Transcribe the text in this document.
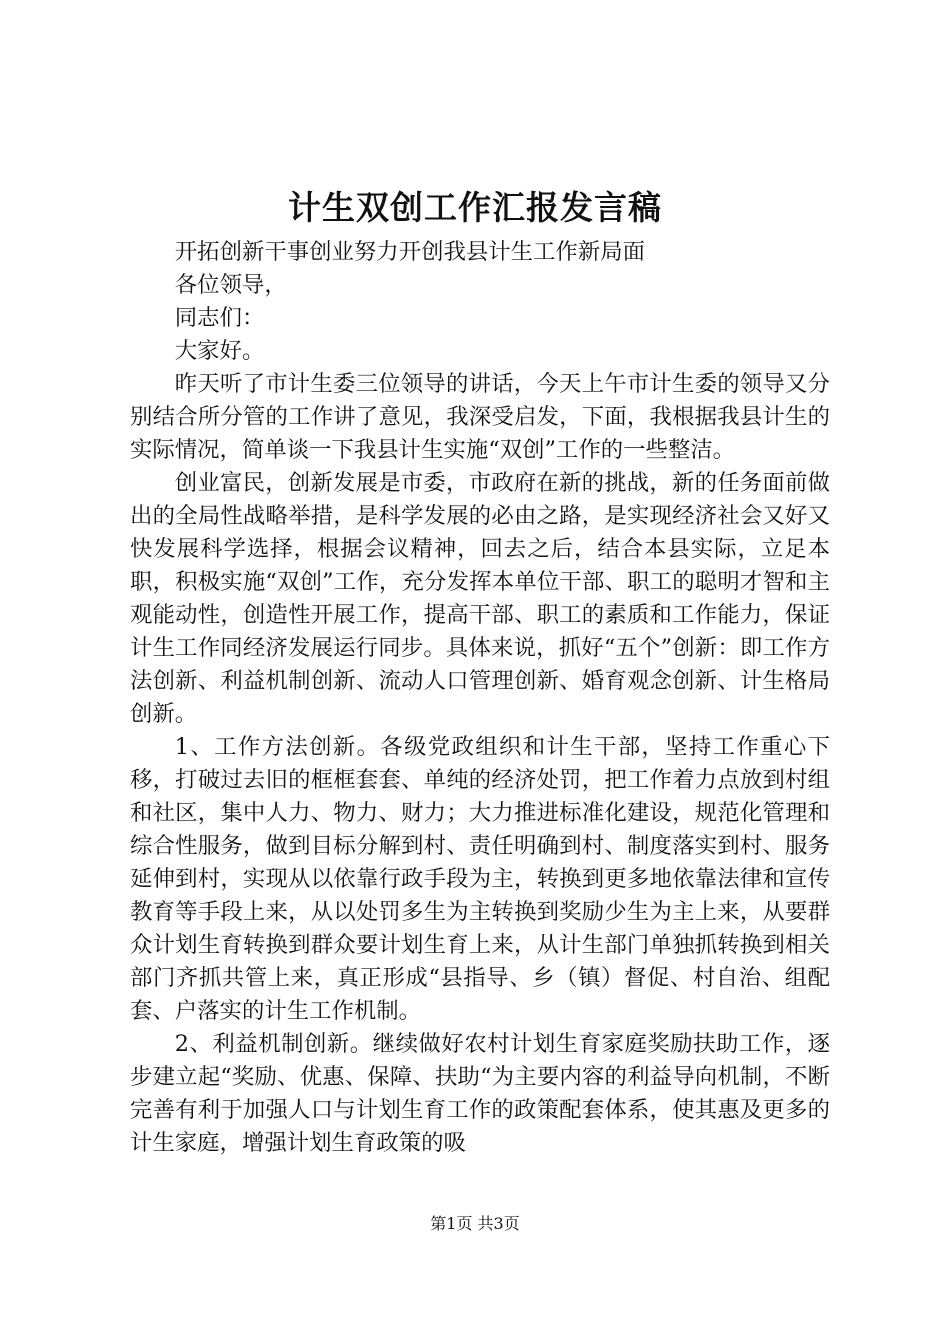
计生双创工作汇报发言稿

开拓创新干事创业努力开创我县计生工作新局面

各位领导，

同志们：

大家好。

昨天听了市计生委三位领导的讲话，今天上午市计生委的领导又分别结合所分管的工作讲了意见，我深受启发，下面，我根据我县计生的实际情况，简单谈一下我县计生实施“双创”工作的一些整洁。

创业富民，创新发展是市委，市政府在新的挑战，新的任务面前做出的全局性战略举措，是科学发展的必由之路，是实现经济社会又好又快发展科学选择，根据会议精神，回去之后，结合本县实际，立足本职，积极实施“双创”工作，充分发挥本单位干部、职工的聪明才智和主观能动性，创造性开展工作，提高干部、职工的素质和工作能力，保证计生工作同经济发展运行同步。具体来说，抓好“五个”创新：即工作方法创新、利益机制创新、流动人口管理创新、婚育观念创新、计生格局创新。

1、工作方法创新。各级党政组织和计生干部，坚持工作重心下移，打破过去旧的框框套套、单纯的经济处罚，把工作着力点放到村组和社区，集中人力、物力、财力；大力推进标准化建设，规范化管理和综合性服务，做到目标分解到村、责任明确到村、制度落实到村、服务延伸到村，实现从以依靠行政手段为主，转换到更多地依靠法律和宣传教育等手段上来，从以处罚多生为主转换到奖励少生为主上来，从要群众计划生育转换到群众要计划生育上来，从计生部门单独抓转换到相关部门齐抓共管上来，真正形成“县指导、乡（镇）督促、村自治、组配套、户落实的计生工作机制。

2、利益机制创新。继续做好农村计划生育家庭奖励扶助工作，逐步建立起“奖励、优惠、保障、扶助“为主要内容的利益导向机制，不断完善有利于加强人口与计划生育工作的政策配套体系，使其惠及更多的计生家庭，增强计划生育政策的吸

第1页 共3页
